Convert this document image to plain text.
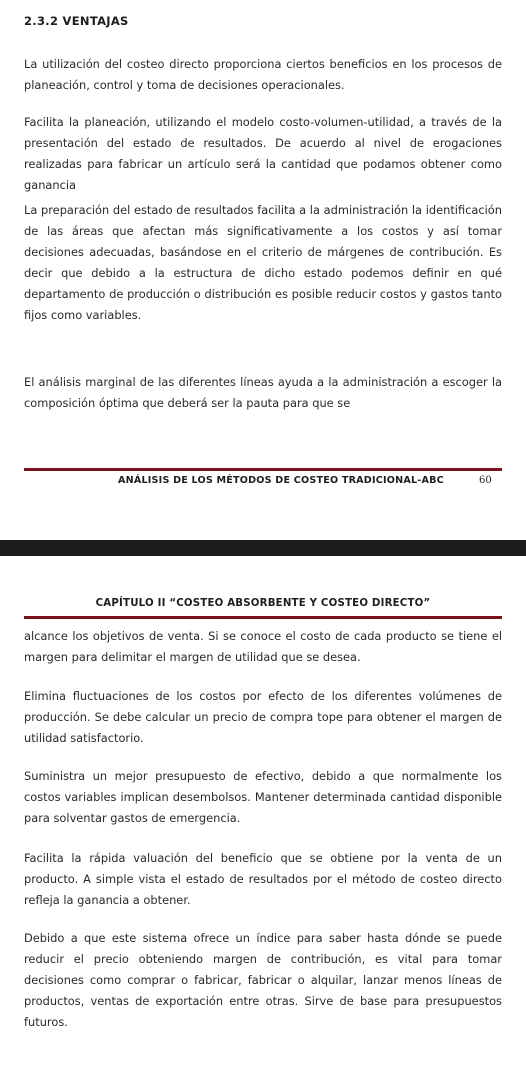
2.3.2 VENTAJAS

La utilización del costeo directo proporciona ciertos beneficios en los procesos de planeación, control y toma de decisiones operacionales.

Facilita la planeación, utilizando el modelo costo-volumen-utilidad, a través de la presentación del estado de resultados. De acuerdo al nivel de erogaciones realizadas para fabricar un artículo será la cantidad que podamos obtener como ganancia

La preparación del estado de resultados facilita a la administración la identificación de las áreas que afectan más significativamente a los costos y así tomar decisiones adecuadas, basándose en el criterio de márgenes de contribución. Es decir que debido a la estructura de dicho estado podemos definir en qué departamento de producción o distribución es posible reducir costos y gastos tanto fijos como variables.

El análisis marginal de las diferentes líneas ayuda a la administración a escoger la composición óptima que deberá ser la pauta para que se

ANÁLISIS DE LOS MÉTODOS DE COSTEO TRADICIONAL-ABC	60
CAPÍTULO II “COSTEO ABSORBENTE Y COSTEO DIRECTO”

alcance los objetivos de venta. Si se conoce el costo de cada producto se tiene el margen para delimitar el margen de utilidad que se desea.

Elimina fluctuaciones de los costos por efecto de los diferentes volúmenes de producción. Se debe calcular un precio de compra tope para obtener el margen de utilidad satisfactorio.

Suministra un mejor presupuesto de efectivo, debido a que normalmente los costos variables implican desembolsos. Mantener determinada cantidad disponible para solventar gastos de emergencia.

Facilita la rápida valuación del beneficio que se obtiene por la venta de un producto. A simple vista el estado de resultados por el método de costeo directo refleja la ganancia a obtener.

Debido a que este sistema ofrece un índice para saber hasta dónde se puede reducir el precio obteniendo margen de contribución, es vital para tomar decisiones como comprar o fabricar, fabricar o alquilar, lanzar menos líneas de productos, ventas de exportación entre otras. Sirve de base para presupuestos futuros.
